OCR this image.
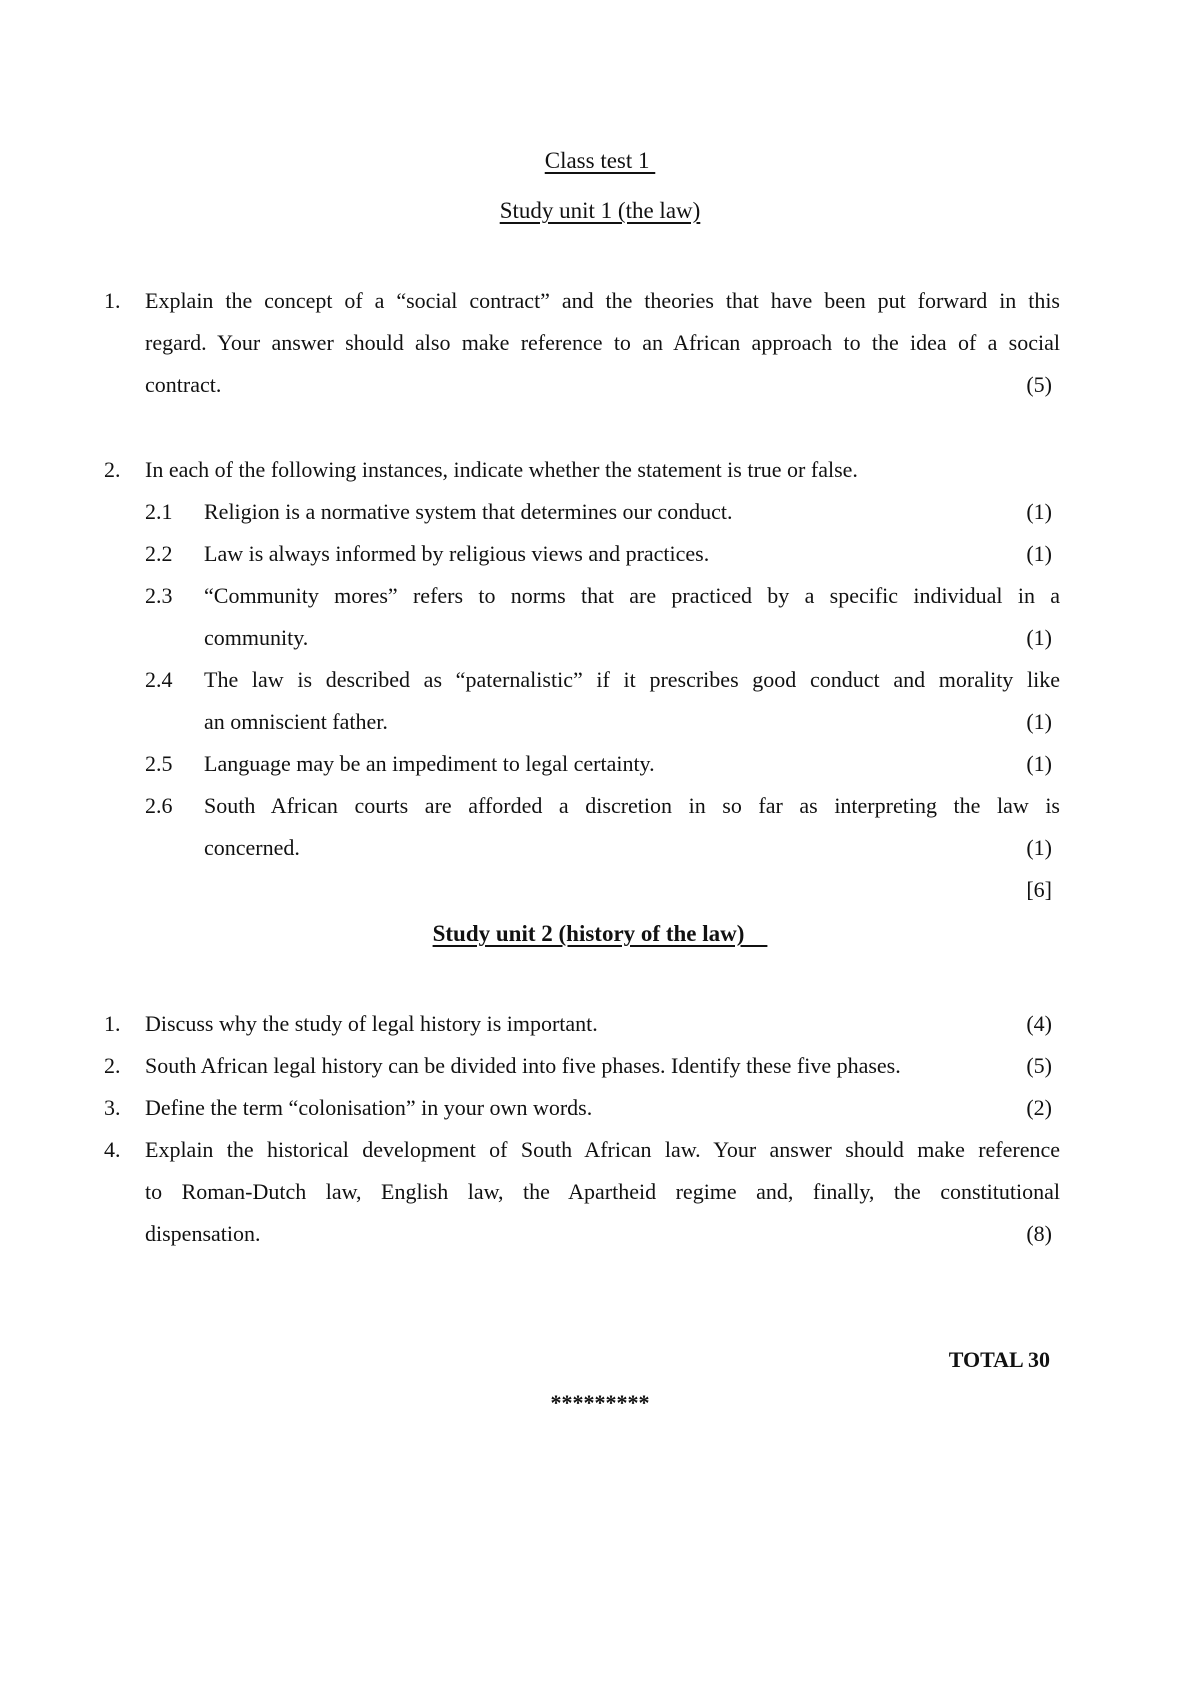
Class test 1
Study unit 1 (the law)
1. Explain the concept of a “social contract” and the theories that have been put forward in this
regard. Your answer should also make reference to an African approach to the idea of a social
contract.	(5)
2. In each of the following instances, indicate whether the statement is true or false.
2.1 Religion is a normative system that determines our conduct.	(1)
2.2 Law is always informed by religious views and practices.	(1)
2.3 “Community mores” refers to norms that are practiced by a specific individual in a
community.	(1)
2.4 The law is described as “paternalistic” if it prescribes good conduct and morality like
an omniscient father.	(1)
2.5 Language may be an impediment to legal certainty.	(1)
2.6 South African courts are afforded a discretion in so far as interpreting the law is
concerned.	(1)
[6]
Study unit 2 (history of the law)
1. Discuss why the study of legal history is important.	(4)
2. South African legal history can be divided into five phases. Identify these five phases.	(5)
3. Define the term “colonisation” in your own words.	(2)
4. Explain the historical development of South African law. Your answer should make reference
to Roman-Dutch law, English law, the Apartheid regime and, finally, the constitutional
dispensation.	(8)
TOTAL 30
*********
